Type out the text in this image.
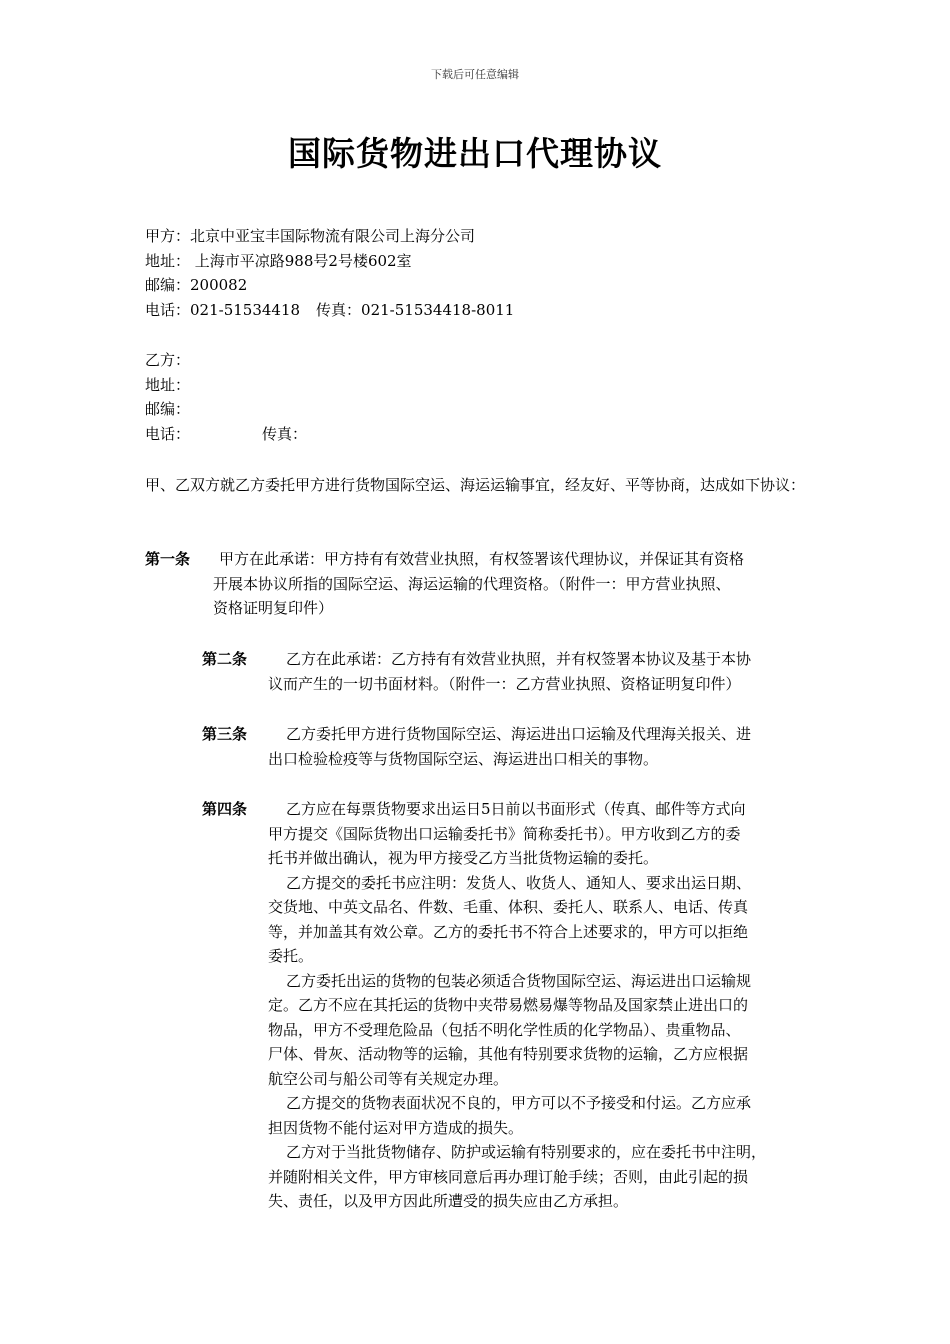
下载后可任意编辑
国际货物进出口代理协议
甲方：北京中亚宝丰国际物流有限公司上海分公司
地址： 上海市平凉路988号2号楼602室
邮编：200082
电话：021-51534418 传真：021-51534418-8011
乙方：
地址：
邮编：
电话：	传真：
甲、乙双方就乙方委托甲方进行货物国际空运、海运运输事宜，经友好、平等协商，达成如下协议：
第一条	甲方在此承诺：甲方持有有效营业执照，有权签署该代理协议，并保证其有资格
开展本协议所指的国际空运、海运运输的代理资格。（附件一：甲方营业执照、
资格证明复印件）
第二条	乙方在此承诺：乙方持有有效营业执照，并有权签署本协议及基于本协
议而产生的一切书面材料。（附件一：乙方营业执照、资格证明复印件）
第三条	乙方委托甲方进行货物国际空运、海运进出口运输及代理海关报关、进
出口检验检疫等与货物国际空运、海运进出口相关的事物。
第四条	乙方应在每票货物要求出运日5日前以书面形式（传真、邮件等方式向
甲方提交《国际货物出口运输委托书》简称委托书）。甲方收到乙方的委
托书并做出确认，视为甲方接受乙方当批货物运输的委托。
乙方提交的委托书应注明：发货人、收货人、通知人、要求出运日期、
交货地、中英文品名、件数、毛重、体积、委托人、联系人、电话、传真
等，并加盖其有效公章。乙方的委托书不符合上述要求的，甲方可以拒绝
委托。
乙方委托出运的货物的包装必须适合货物国际空运、海运进出口运输规
定。乙方不应在其托运的货物中夹带易燃易爆等物品及国家禁止进出口的
物品，甲方不受理危险品（包括不明化学性质的化学物品）、贵重物品、
尸体、骨灰、活动物等的运输，其他有特别要求货物的运输，乙方应根据
航空公司与船公司等有关规定办理。
乙方提交的货物表面状况不良的，甲方可以不予接受和付运。乙方应承
担因货物不能付运对甲方造成的损失。
乙方对于当批货物储存、防护或运输有特别要求的，应在委托书中注明，
并随附相关文件，甲方审核同意后再办理订舱手续；否则，由此引起的损
失、责任，以及甲方因此所遭受的损失应由乙方承担。
